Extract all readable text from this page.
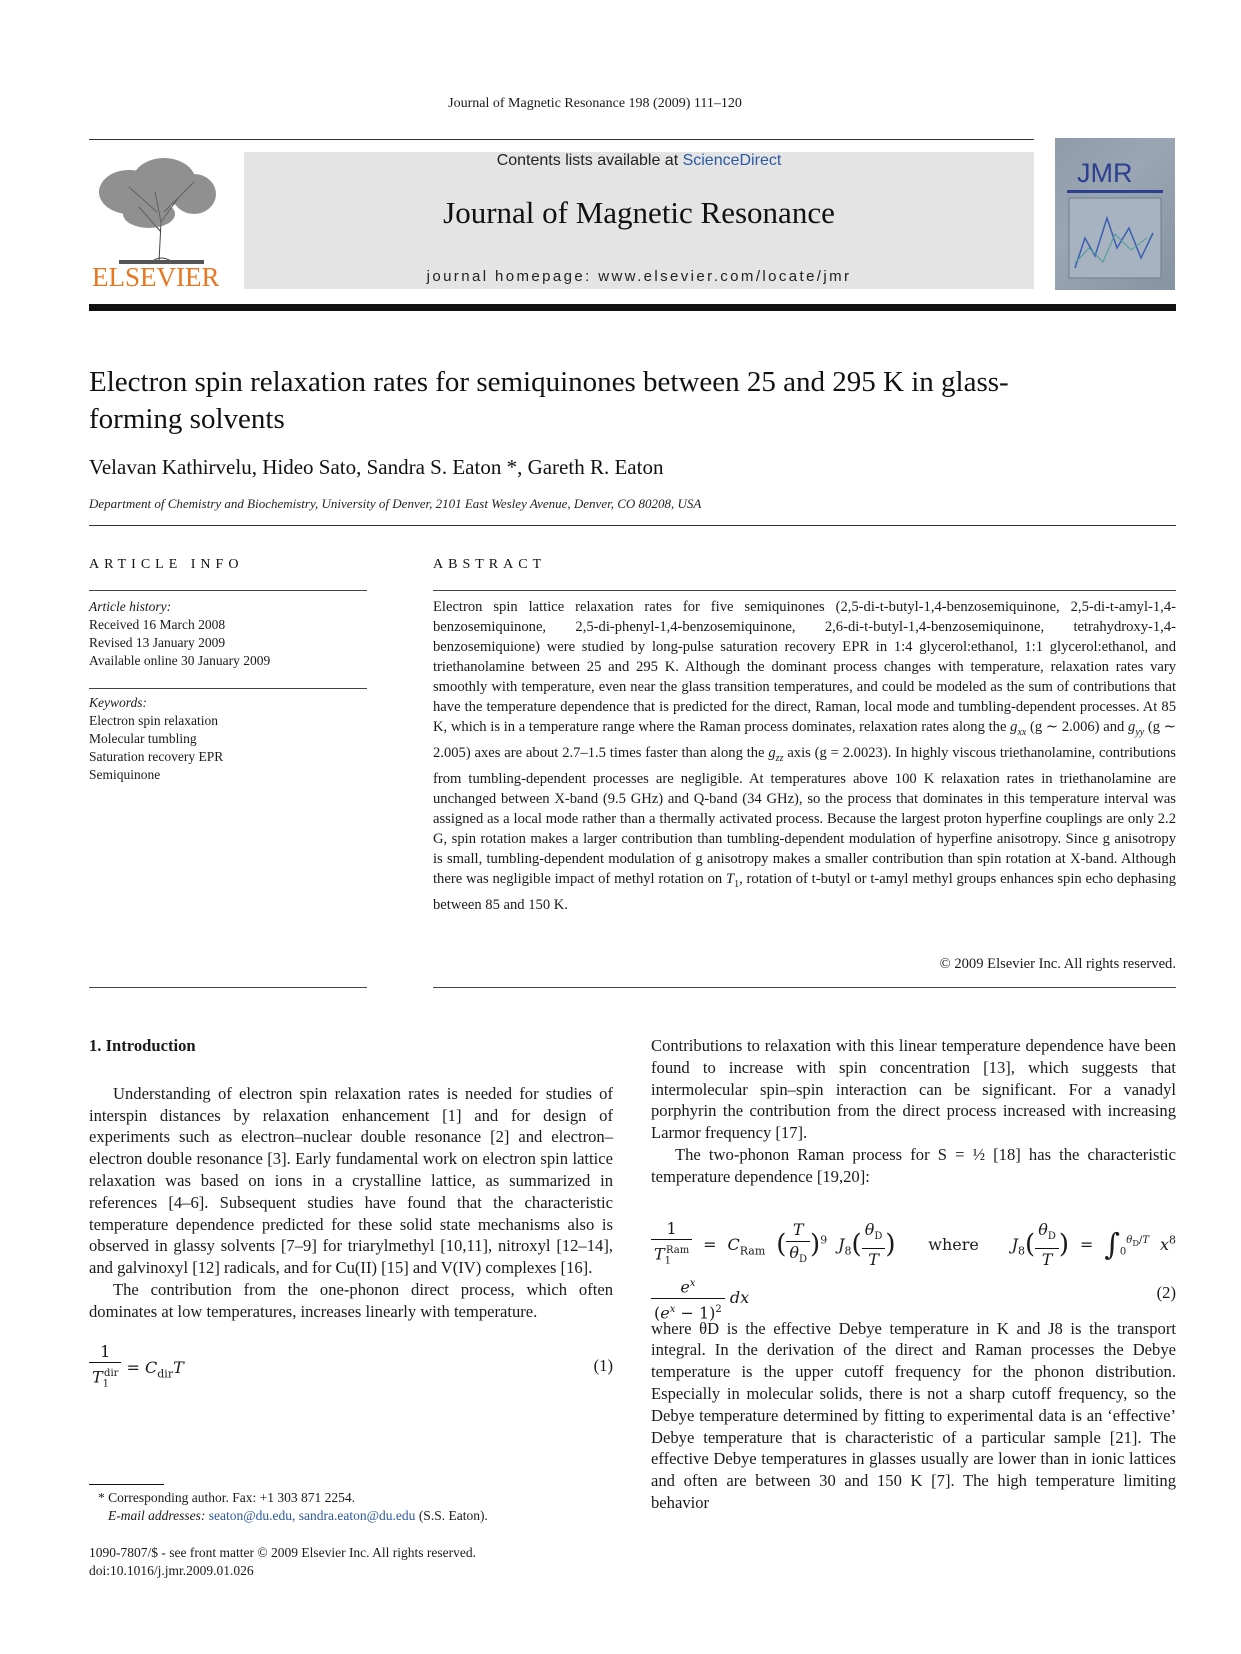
Journal of Magnetic Resonance 198 (2009) 111–120
ELSEVIER
Contents lists available at ScienceDirect
Journal of Magnetic Resonance
journal homepage: www.elsevier.com/locate/jmr
JMR
Electron spin relaxation rates for semiquinones between 25 and 295 K in glass-forming solvents
Velavan Kathirvelu, Hideo Sato, Sandra S. Eaton *, Gareth R. Eaton
Department of Chemistry and Biochemistry, University of Denver, 2101 East Wesley Avenue, Denver, CO 80208, USA
ARTICLE INFO	ABSTRACT
Article history:
Received 16 March 2008
Revised 13 January 2009
Available online 30 January 2009
Keywords:
Electron spin relaxation
Molecular tumbling
Saturation recovery EPR
Semiquinone
Electron spin lattice relaxation rates for five semiquinones (2,5-di-t-butyl-1,4-benzosemiquinone, 2,5-di-t-amyl-1,4-benzosemiquinone, 2,5-di-phenyl-1,4-benzosemiquinone, 2,6-di-t-butyl-1,4-benzosemiquinone, tetrahydroxy-1,4-benzosemiquione) were studied by long-pulse saturation recovery EPR in 1:4 glycerol:ethanol, 1:1 glycerol:ethanol, and triethanolamine between 25 and 295 K. Although the dominant process changes with temperature, relaxation rates vary smoothly with temperature, even near the glass transition temperatures, and could be modeled as the sum of contributions that have the temperature dependence that is predicted for the direct, Raman, local mode and tumbling-dependent processes. At 85 K, which is in a temperature range where the Raman process dominates, relaxation rates along the $g_{xx}$ (g ∼ 2.006) and $g_{yy}$ (g ∼ 2.005) axes are about 2.7–1.5 times faster than along the $g_{zz}$ axis (g = 2.0023). In highly viscous triethanolamine, contributions from tumbling-dependent processes are negligible. At temperatures above 100 K relaxation rates in triethanolamine are unchanged between X-band (9.5 GHz) and Q-band (34 GHz), so the process that dominates in this temperature interval was assigned as a local mode rather than a thermally activated process. Because the largest proton hyperfine couplings are only 2.2 G, spin rotation makes a larger contribution than tumbling-dependent modulation of hyperfine anisotropy. Since g anisotropy is small, tumbling-dependent modulation of g anisotropy makes a smaller contribution than spin rotation at X-band. Although there was negligible impact of methyl rotation on $T_1$, rotation of t-butyl or t-amyl methyl groups enhances spin echo dephasing between 85 and 150 K.
© 2009 Elsevier Inc. All rights reserved.
1. Introduction

Understanding of electron spin relaxation rates is needed for studies of interspin distances by relaxation enhancement [1] and for design of experiments such as electron–nuclear double resonance [2] and electron–electron double resonance [3]. Early fundamental work on electron spin lattice relaxation was based on ions in a crystalline lattice, as summarized in references [4–6]. Subsequent studies have found that the characteristic temperature dependence predicted for these solid state mechanisms also is observed in glassy solvents [7–9] for triarylmethyl [10,11], nitroxyl [12–14], and galvinoxyl [12] radicals, and for Cu(II) [15] and V(IV) complexes [16].

The contribution from the one-phonon direct process, which often dominates at low temperatures, increases linearly with temperature.

$\frac{1}{T_1^{dir}} = C_{dir}T$	(1)

Contributions to relaxation with this linear temperature dependence have been found to increase with spin concentration [13], which suggests that intermolecular spin–spin interaction can be significant. For a vanadyl porphyrin the contribution from the direct process increased with increasing Larmor frequency [17].

The two-phonon Raman process for S = ½ [18] has the characteristic temperature dependence [19,20]:

$\frac{1}{T_1^{Ram}} = C_{Ram}$ ( $\frac{T}{\theta_D} )^9$ $J_8( \frac{\theta_D}{T}$ )   where   $J_8( \frac{\theta_D}{T}$ ) = $\int_0^{\theta_D/T}$ $x^8$
$\frac{e^x}{(e^x - 1)^2}$ dx	(2)

where θD is the effective Debye temperature in K and J8 is the transport integral. In the derivation of the direct and Raman processes the Debye temperature is the upper cutoff frequency for the phonon distribution. Especially in molecular solids, there is not a sharp cutoff frequency, so the Debye temperature determined by fitting to experimental data is an ‘effective’ Debye temperature that is characteristic of a particular sample [21]. The effective Debye temperatures in glasses usually are lower than in ionic lattices and often are between 30 and 150 K [7]. The high temperature limiting behavior

* Corresponding author. Fax: +1 303 871 2254.
E-mail addresses: seaton@du.edu, sandra.eaton@du.edu (S.S. Eaton).
1090-7807/$ - see front matter © 2009 Elsevier Inc. All rights reserved.
doi:10.1016/j.jmr.2009.01.026
